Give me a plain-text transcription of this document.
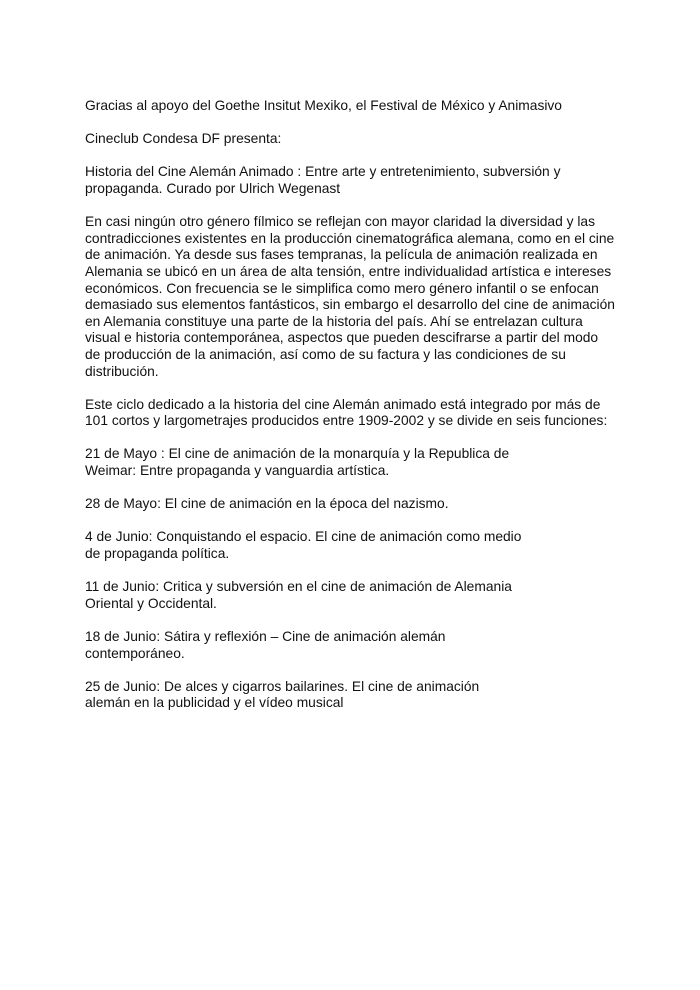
Gracias al apoyo del Goethe Insitut Mexiko, el Festival de México y Animasivo

Cineclub Condesa DF presenta:

Historia del Cine Alemán Animado : Entre arte y entretenimiento, subversión y propaganda. Curado por Ulrich Wegenast

En casi ningún otro género fílmico se reflejan con mayor claridad la diversidad y las contradicciones existentes en la producción cinematográfica alemana, como en el cine de animación. Ya desde sus fases tempranas, la película de animación realizada en Alemania se ubicó en un área de alta tensión, entre individualidad artística e intereses económicos. Con frecuencia se le simplifica como mero género infantil o se enfocan demasiado sus elementos fantásticos, sin embargo el desarrollo del cine de animación en Alemania constituye una parte de la historia del país. Ahí se entrelazan cultura visual e historia contemporánea, aspectos que pueden descifrarse a partir del modo de producción de la animación, así como de su factura y las condiciones de su distribución.

Este ciclo dedicado a la historia del cine Alemán animado está integrado por más de 101 cortos y largometrajes producidos entre 1909-2002 y se divide en seis funciones:

21 de Mayo : El cine de animación de la monarquía y la Republica de
Weimar: Entre propaganda y vanguardia artística.
28 de Mayo: El cine de animación en la época del nazismo.
4 de Junio: Conquistando el espacio. El cine de animación como medio
de propaganda política.
11 de Junio: Critica y subversión en el cine de animación de Alemania
Oriental y Occidental.
18 de Junio: Sátira y reflexión – Cine de animación alemán
contemporáneo.
25 de Junio: De alces y cigarros bailarines. El cine de animación
alemán en la publicidad y el vídeo musical
